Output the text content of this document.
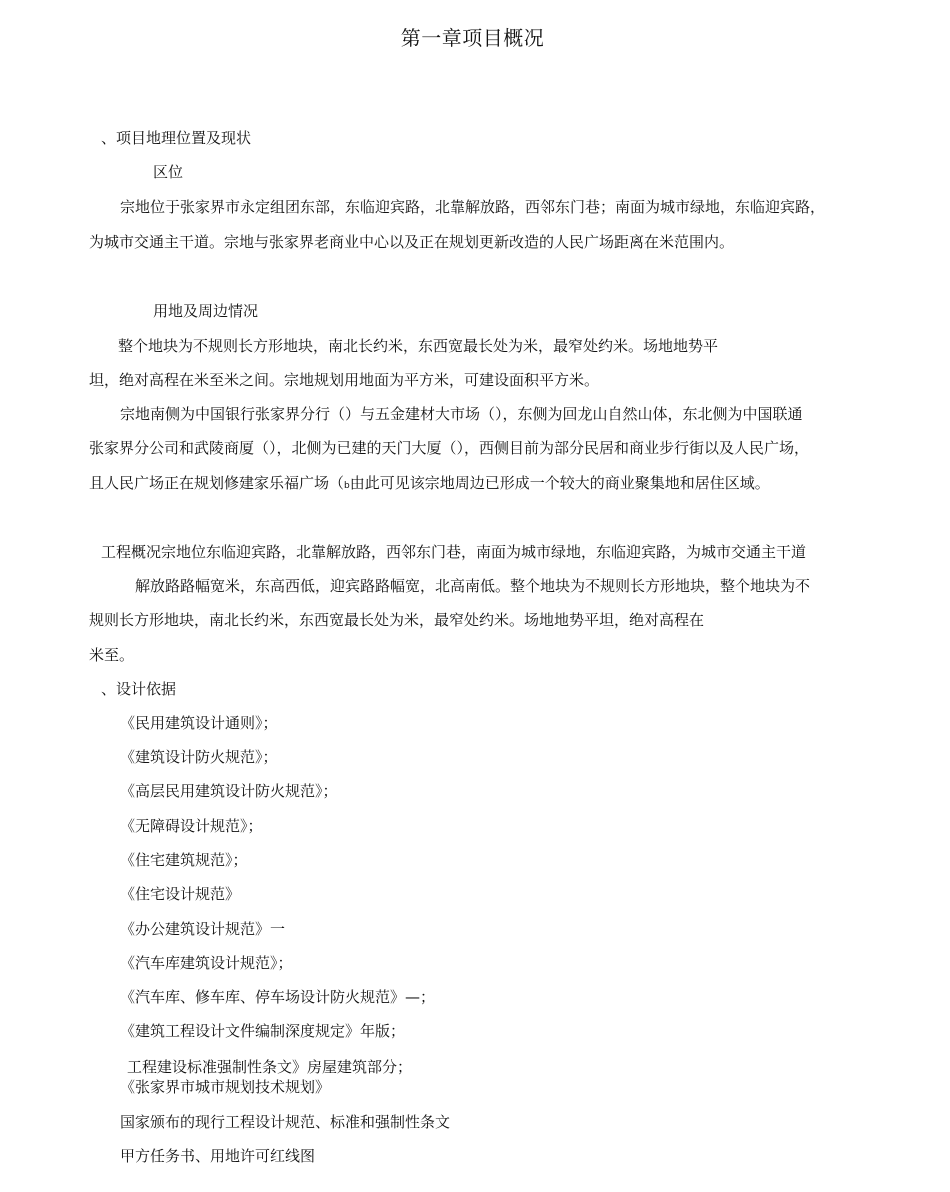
第一章项目概况
、项目地理位置及现状
区位
宗地位于张家界市永定组团东部，东临迎宾路，北靠解放路，西邻东门巷；南面为城市绿地，东临迎宾路，
为城市交通主干道。宗地与张家界老商业中心以及正在规划更新改造的人民广场距离在米范围内。
用地及周边情况
整个地块为不规则长方形地块，南北长约米，东西宽最长处为米，最窄处约米。场地地势平
坦，绝对高程在米至米之间。宗地规划用地面为平方米，可建设面积平方米。
宗地南侧为中国银行张家界分行（）与五金建材大市场（），东侧为回龙山自然山体，东北侧为中国联通
张家界分公司和武陵商厦（），北侧为已建的天门大厦（），西侧目前为部分民居和商业步行街以及人民广场，
且人民广场正在规划修建家乐福广场（b由此可见该宗地周边已形成一个较大的商业聚集地和居住区域。
工程概况宗地位东临迎宾路，北靠解放路，西邻东门巷，南面为城市绿地，东临迎宾路，为城市交通主干道
解放路路幅宽米，东高西低，迎宾路路幅宽，北高南低。整个地块为不规则长方形地块，整个地块为不
规则长方形地块，南北长约米，东西宽最长处为米，最窄处约米。场地地势平坦，绝对高程在
米至。
、设计依据
《民用建筑设计通则》；
《建筑设计防火规范》；
《高层民用建筑设计防火规范》；
《无障碍设计规范》；
《住宅建筑规范》；
《住宅设计规范》
《办公建筑设计规范》一
《汽车库建筑设计规范》；
《汽车库、修车库、停车场设计防火规范》—；
《建筑工程设计文件编制深度规定》年版；
工程建设标准强制性条文》房屋建筑部分；
《张家界市城市规划技术规划》
国家颁布的现行工程设计规范、标准和强制性条文
甲方任务书、用地许可红线图
